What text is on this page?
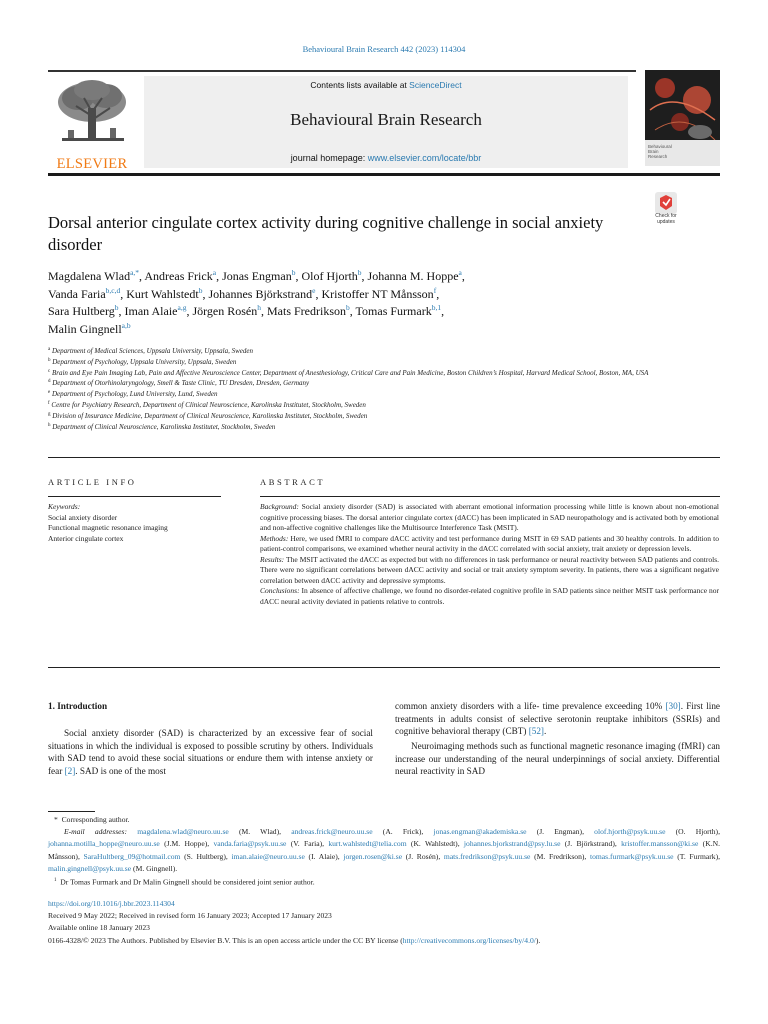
Behavioural Brain Research 442 (2023) 114304
ELSEVIER
Contents lists available at ScienceDirect
Behavioural Brain Research
journal homepage: www.elsevier.com/locate/bbr
Behavioural
Brain
Research
Dorsal anterior cingulate cortex activity during cognitive challenge in social anxiety disorder
Check for
updates
Magdalena Wlad$^{a,*}$, Andreas Frick$^a$, Jonas Engman$^b$, Olof Hjorth$^b$, Johanna M. Hoppe$^a$,
Vanda Faria$^{b,c,d}$, Kurt Wahlstedt$^b$, Johannes Björkstrand$^e$, Kristoffer NT Månsson$^f$,
Sara Hultberg$^b$, Iman Alaie$^{a,g}$, Jörgen Rosén$^h$, Mats Fredrikson$^b$, Tomas Furmark$^{b,1}$,
Malin Gingnell$^{a,b}$
$^a$ Department of Medical Sciences, Uppsala University, Uppsala, Sweden
$^b$ Department of Psychology, Uppsala University, Uppsala, Sweden
$^c$ Brain and Eye Pain Imaging Lab, Pain and Affective Neuroscience Center, Department of Anesthesiology, Critical Care and Pain Medicine, Boston Children’s Hospital, Harvard Medical School, Boston, MA, USA
$^d$ Department of Otorhinolaryngology, Smell & Taste Clinic, TU Dresden, Dresden, Germany
$^e$ Department of Psychology, Lund University, Lund, Sweden
$^f$ Centre for Psychiatry Research, Department of Clinical Neuroscience, Karolinska Institutet, Stockholm, Sweden
$^g$ Division of Insurance Medicine, Department of Clinical Neuroscience, Karolinska Institutet, Stockholm, Sweden
$^h$ Department of Clinical Neuroscience, Karolinska Institutet, Stockholm, Sweden
ARTICLE INFO
Keywords:
Social anxiety disorder
Functional magnetic resonance imaging
Anterior cingulate cortex
ABSTRACT
Background: Social anxiety disorder (SAD) is associated with aberrant emotional information processing while little is known about non-emotional cognitive processing biases. The dorsal anterior cingulate cortex (dACC) has been implicated in SAD neuropathology and is activated both by emotional and non-affective cognitive challenges like the Multisource Interference Task (MSIT).
Methods: Here, we used fMRI to compare dACC activity and test performance during MSIT in 69 SAD patients and 30 healthy controls. In addition to patient-control comparisons, we examined whether neural activity in the dACC correlated with social anxiety, trait anxiety or depression levels.
Results: The MSIT activated the dACC as expected but with no differences in task performance or neural reactivity between SAD patients and controls. There were no significant correlations between dACC activity and social or trait anxiety symptom severity. In patients, there was a significant negative correlation between dACC activity and depressive symptoms.
Conclusions: In absence of affective challenge, we found no disorder-related cognitive profile in SAD patients since neither MSIT task performance nor dACC neural activity deviated in patients relative to controls.
1. Introduction
Social anxiety disorder (SAD) is characterized by an excessive fear of social situations in which the individual is exposed to possible scrutiny by others. Individuals with SAD tend to avoid these social situations or endure them with intense anxiety or fear [2]. SAD is one of the most
common anxiety disorders with a life- time prevalence exceeding 10% [30]. First line treatments in adults consist of selective serotonin reuptake inhibitors (SSRIs) and cognitive behavioral therapy (CBT) [52].
Neuroimaging methods such as functional magnetic resonance imaging (fMRI) can increase our understanding of the neural underpinnings of social anxiety. Differential neural reactivity in SAD
* Corresponding author.
E-mail addresses: magdalena.wlad@neuro.uu.se (M. Wlad), andreas.frick@neuro.uu.se (A. Frick), jonas.engman@akademiska.se (J. Engman), olof.hjorth@psyk.uu.se (O. Hjorth), johanna.motilla_hoppe@neuro.uu.se (J.M. Hoppe), vanda.faria@psyk.uu.se (V. Faria), kurt.wahlstedt@telia.com (K. Wahlstedt), johannes.bjorkstrand@psy.lu.se (J. Björkstrand), kristoffer.mansson@ki.se (K.N. Månsson), SaraHultberg_09@hotmail.com (S. Hultberg), iman.alaie@neuro.uu.se (I. Alaie), jorgen.rosen@ki.se (J. Rosén), mats.fredrikson@psyk.uu.se (M. Fredrikson), tomas.furmark@psyk.uu.se (T. Furmark), malin.gingnell@psyk.uu.se (M. Gingnell).
$^1$ Dr Tomas Furmark and Dr Malin Gingnell should be considered joint senior author.
https://doi.org/10.1016/j.bbr.2023.114304
Received 9 May 2022; Received in revised form 16 January 2023; Accepted 17 January 2023
Available online 18 January 2023
0166-4328/© 2023 The Authors. Published by Elsevier B.V. This is an open access article under the CC BY license (http://creativecommons.org/licenses/by/4.0/).
